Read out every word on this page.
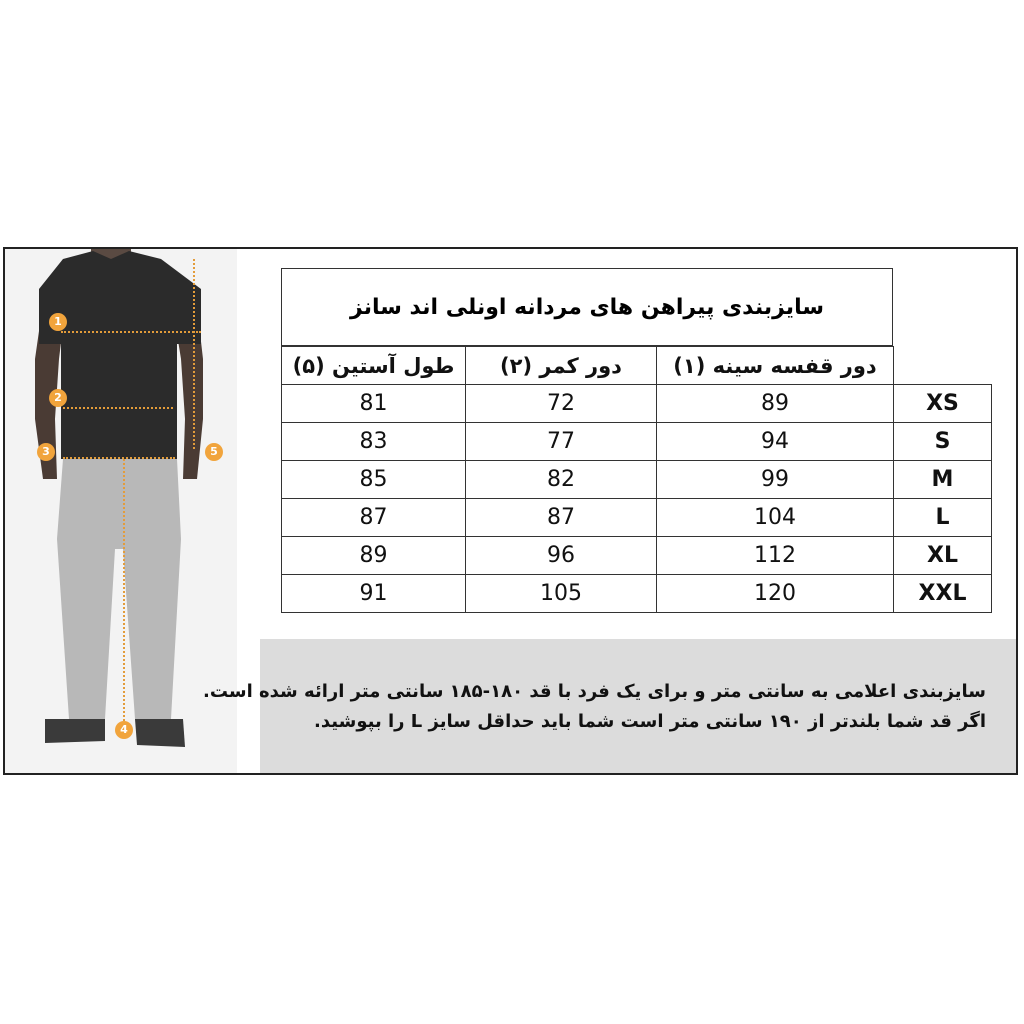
1
2
3
4
5
سایزبندی پیراهن های مردانه اونلی اند سانز
طول آستین (۵)	دور کمر (۲)	دور قفسه سینه (۱)	
81	72	89	XS
83	77	94	S
85	82	99	M
87	87	104	L
89	96	112	XL
91	105	120	XXL
سایزبندی اعلامی به سانتی متر و برای یک فرد با قد ۱۸۰-۱۸۵ سانتی متر ارائه شده است.
اگر قد شما بلندتر از ۱۹۰ سانتی متر است شما باید حداقل سایز L را بپوشید.
